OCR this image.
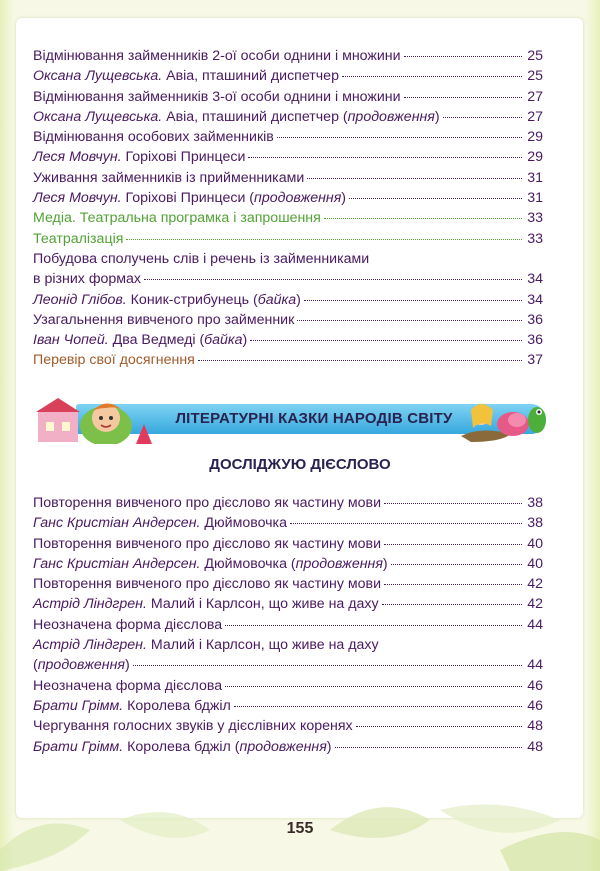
Відмінювання займенників 2-ої особи однини і множини	25
Оксана Лущевська. Авіа, пташиний диспетчер	25
Відмінювання займенників 3-ої особи однини і множини	27
Оксана Лущевська. Авіа, пташиний диспетчер (продовження)	27
Відмінювання особових займенників	29
Леся Мовчун. Горіхові Принцеси	29
Уживання займенників із прийменниками	31
Леся Мовчун. Горіхові Принцеси (продовження)	31
Медіа. Театральна програмка і запрошення	33
Театралізація	33
Побудова сполучень слів і речень із займенниками
в різних формах	34
Леонід Глібов. Коник-стрибунець (байка)	34
Узагальнення вивченого про займенник	36
Іван Чопей. Два Ведмеді (байка)	36
Перевір свої досягнення	37
ЛІТЕРАТУРНІ КАЗКИ НАРОДІВ СВІТУ
ДОСЛІДЖУЮ ДІЄСЛОВО
Повторення вивченого про дієслово як частину мови	38
Ганс Кристіан Андерсен. Дюймовочка	38
Повторення вивченого про дієслово як частину мови	40
Ганс Кристіан Андерсен. Дюймовочка (продовження)	40
Повторення вивченого про дієслово як частину мови	42
Астрід Ліндгрен. Малий і Карлсон, що живе на даху	42
Неозначена форма дієслова	44
Астрід Ліндгрен. Малий і Карлсон, що живе на даху
(продовження)	44
Неозначена форма дієслова	46
Брати Грімм. Королева бджіл	46
Чергування голосних звуків у дієслівних коренях	48
Брати Грімм. Королева бджіл (продовження)	48
155
